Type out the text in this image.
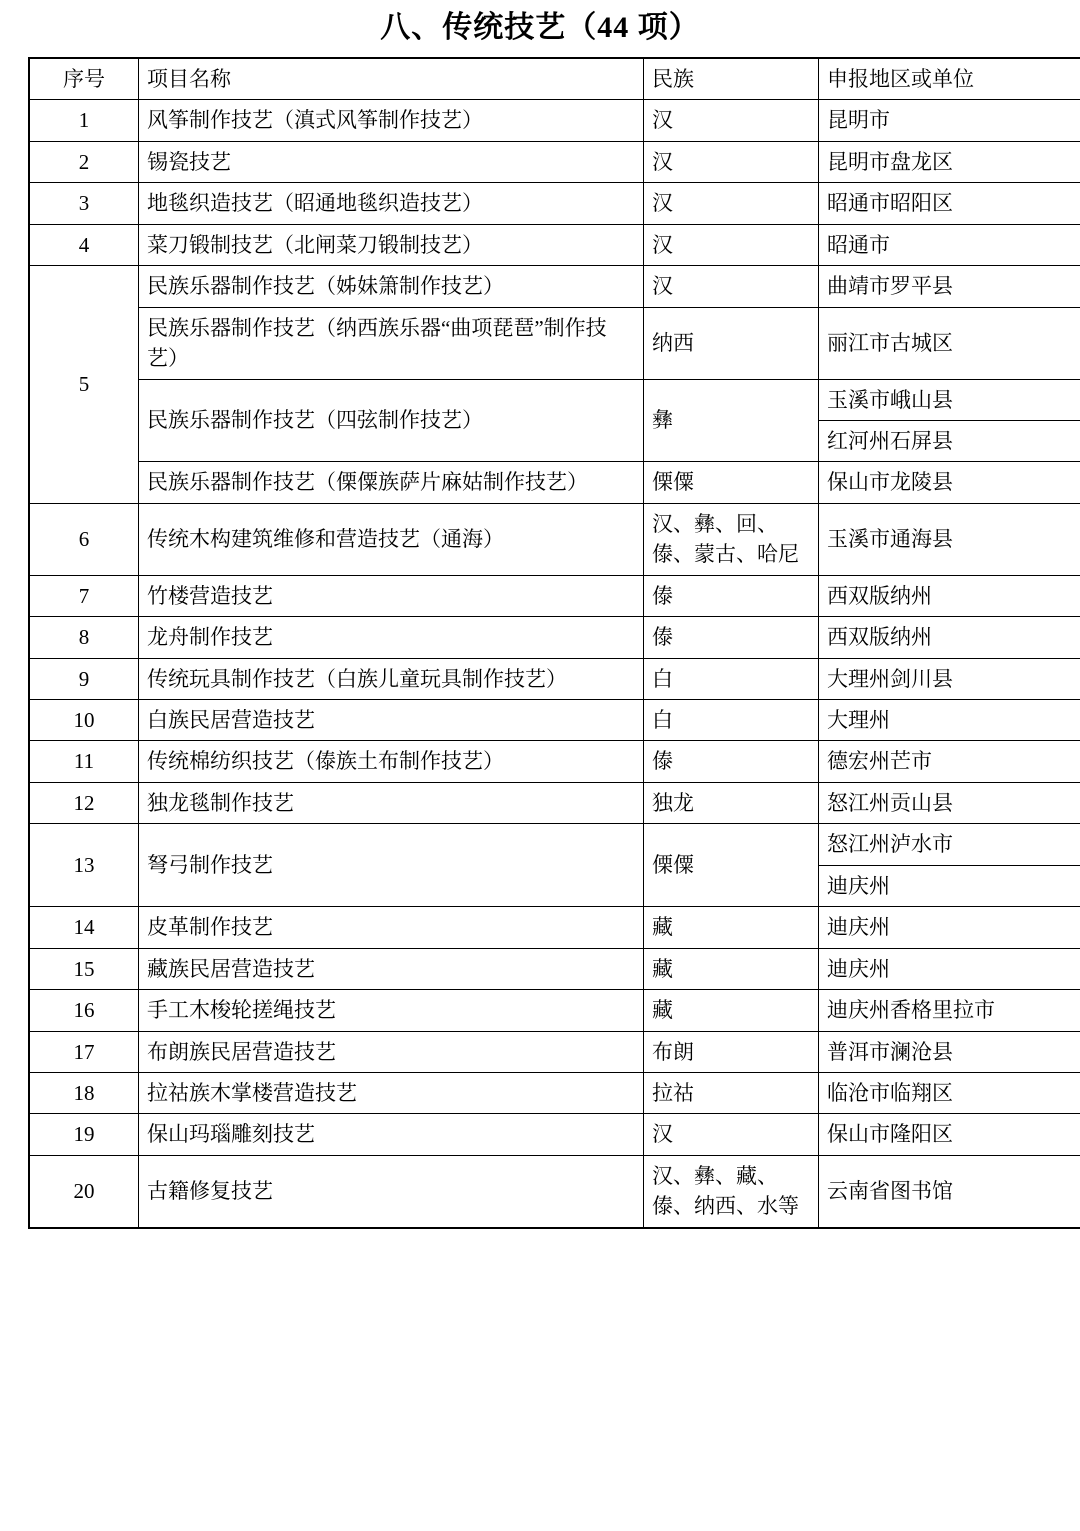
八、传统技艺（44 项）
序号	项目名称	民族	申报地区或单位
1	风筝制作技艺（滇式风筝制作技艺）	汉	昆明市
2	锡瓷技艺	汉	昆明市盘龙区
3	地毯织造技艺（昭通地毯织造技艺）	汉	昭通市昭阳区
4	菜刀锻制技艺（北闸菜刀锻制技艺）	汉	昭通市
5	民族乐器制作技艺（姊妹箫制作技艺）	汉	曲靖市罗平县
	民族乐器制作技艺（纳西族乐器“曲项琵琶”制作技艺）	纳西	丽江市古城区
	民族乐器制作技艺（四弦制作技艺）	彝	玉溪市峨山县
			红河州石屏县
	民族乐器制作技艺（傈僳族萨片麻姑制作技艺）	傈僳	保山市龙陵县
6	传统木构建筑维修和营造技艺（通海）	汉、彝、回、傣、蒙古、哈尼	玉溪市通海县
7	竹楼营造技艺	傣	西双版纳州
8	龙舟制作技艺	傣	西双版纳州
9	传统玩具制作技艺（白族儿童玩具制作技艺）	白	大理州剑川县
10	白族民居营造技艺	白	大理州
11	传统棉纺织技艺（傣族土布制作技艺）	傣	德宏州芒市
12	独龙毯制作技艺	独龙	怒江州贡山县
13	弩弓制作技艺	傈僳	怒江州泸水市
			迪庆州
14	皮革制作技艺	藏	迪庆州
15	藏族民居营造技艺	藏	迪庆州
16	手工木梭轮搓绳技艺	藏	迪庆州香格里拉市
17	布朗族民居营造技艺	布朗	普洱市澜沧县
18	拉祜族木掌楼营造技艺	拉祜	临沧市临翔区
19	保山玛瑙雕刻技艺	汉	保山市隆阳区
20	古籍修复技艺	汉、彝、藏、傣、纳西、水等	云南省图书馆
